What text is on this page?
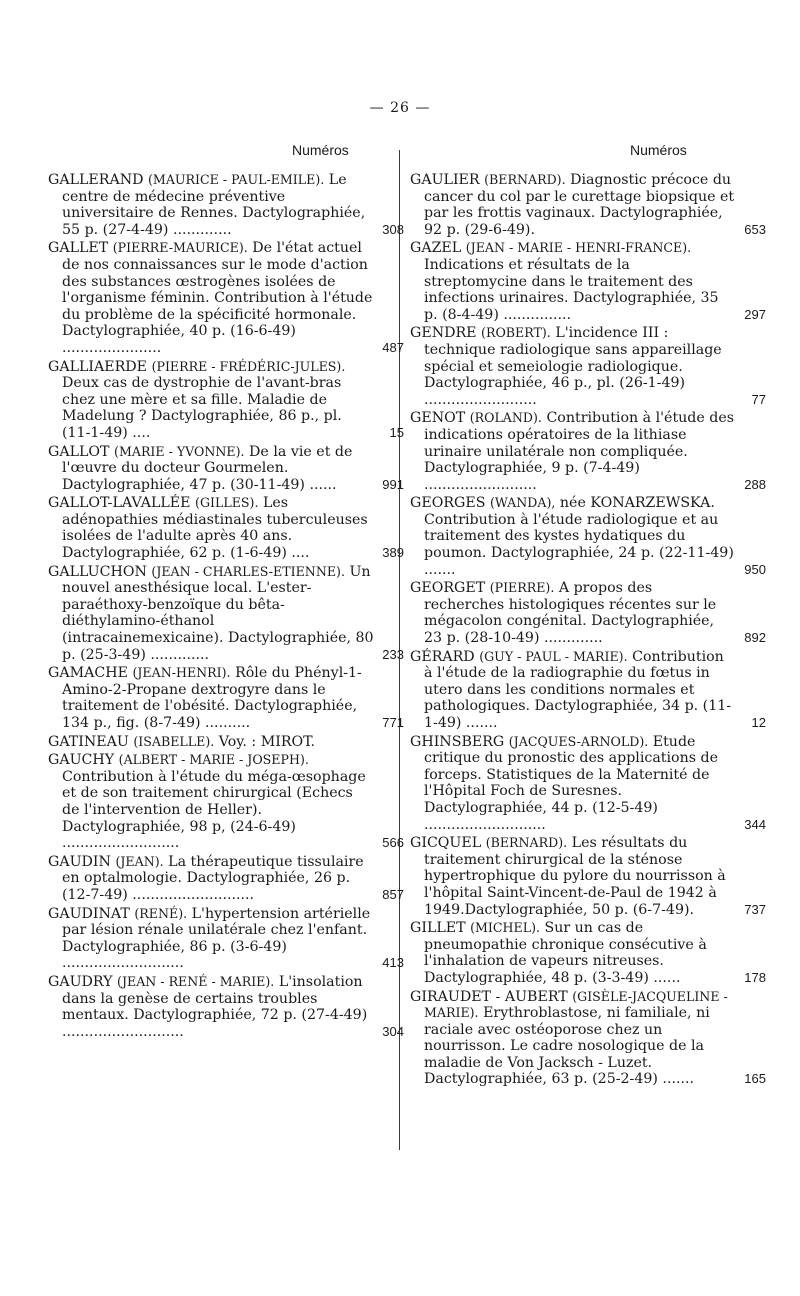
— 26 —
Numéros	Numéros
GALLERAND (MAURICE - PAUL-EMILE). Le centre de médecine préventive universitaire de Rennes. Dactylographiée, 55 p. (27-4-49) .............	308
GALLET (PIERRE-MAURICE). De l'état actuel de nos connaissances sur le mode d'action des substances œstrogènes isolées de l'organisme féminin. Contribution à l'étude du problème de la spécificité hormonale. Dactylographiée, 40 p. (16-6-49) ......................	487
GALLIAERDE (PIERRE - FRÉDÉRIC-JULES). Deux cas de dystrophie de l'avant-bras chez une mère et sa fille. Maladie de Madelung ? Dactylographiée, 86 p., pl. (11-1-49) ....	15
GALLOT (MARIE - YVONNE). De la vie et de l'œuvre du docteur Gourmelen. Dactylographiée, 47 p. (30-11-49) ......	991
GALLOT-LAVALLÉE (GILLES). Les adénopathies médiastinales tuberculeuses isolées de l'adulte après 40 ans. Dactylographiée, 62 p. (1-6-49) ....	389
GALLUCHON (JEAN - CHARLES-ETIENNE). Un nouvel anesthésique local. L'ester-paraéthoxy-benzoïque du bêta-diéthylamino-éthanol (intracainemexicaine). Dactylographiée, 80 p. (25-3-49) .............	233
GAMACHE (JEAN-HENRI). Rôle du Phényl-1-Amino-2-Propane dextrogyre dans le traitement de l'obésité. Dactylographiée, 134 p., fig. (8-7-49) ..........	771
GATINEAU (ISABELLE). Voy. : MIROT.
GAUCHY (ALBERT - MARIE - JOSEPH). Contribution à l'étude du méga-œsophage et de son traitement chirurgical (Echecs de l'intervention de Heller). Dactylographiée, 98 p, (24-6-49) ..........................	566
GAUDIN (JEAN). La thérapeutique tissulaire en optalmologie. Dactylographiée, 26 p. (12-7-49) ...........................	857
GAUDINAT (RENÉ). L'hypertension artérielle par lésion rénale unilatérale chez l'enfant. Dactylographiée, 86 p. (3-6-49) ...........................	413
GAUDRY (JEAN - RENÉ - MARIE). L'insolation dans la genèse de certains troubles mentaux. Dactylographiée, 72 p. (27-4-49) ...........................	304
GAULIER (BERNARD). Diagnostic précoce du cancer du col par le curettage biopsique et par les frottis vaginaux. Dactylographiée, 92 p. (29-6-49).	653
GAZEL (JEAN - MARIE - HENRI-FRANCE). Indications et résultats de la streptomycine dans le traitement des infections urinaires. Dactylographiée, 35 p. (8-4-49) ...............	297
GENDRE (ROBERT). L'incidence III : technique radiologique sans appareillage spécial et semeiologie radiologique. Dactylographiée, 46 p., pl. (26-1-49) .........................	77
GENOT (ROLAND). Contribution à l'étude des indications opératoires de la lithiase urinaire unilatérale non compliquée. Dactylographiée, 9 p. (7-4-49) .........................	288
GEORGES (WANDA), née KONARZEWSKA. Contribution à l'étude radiologique et au traitement des kystes hydatiques du poumon. Dactylographiée, 24 p. (22-11-49) .......	950
GEORGET (PIERRE). A propos des recherches histologiques récentes sur le mégacolon congénital. Dactylographiée, 23 p. (28-10-49) .............	892
GÉRARD (GUY - PAUL - MARIE). Contribution à l'étude de la radiographie du fœtus in utero dans les conditions normales et pathologiques. Dactylographiée, 34 p. (11-1-49) .......	12
GHINSBERG (JACQUES-ARNOLD). Etude critique du pronostic des applications de forceps. Statistiques de la Maternité de l'Hôpital Foch de Suresnes. Dactylographiée, 44 p. (12-5-49) ...........................	344
GICQUEL (BERNARD). Les résultats du traitement chirurgical de la sténose hypertrophique du pylore du nourrisson à l'hôpital Saint-Vincent-de-Paul de 1942 à 1949.Dactylographiée, 50 p. (6-7-49).	737
GILLET (MICHEL). Sur un cas de pneumopathie chronique consécutive à l'inhalation de vapeurs nitreuses. Dactylographiée, 48 p. (3-3-49) ......	178
GIRAUDET - AUBERT (GISÈLE-JACQUELINE - MARIE). Erythroblastose, ni familiale, ni raciale avec ostéoporose chez un nourrisson. Le cadre nosologique de la maladie de Von Jacksch - Luzet. Dactylographiée, 63 p. (25-2-49) .......	165
